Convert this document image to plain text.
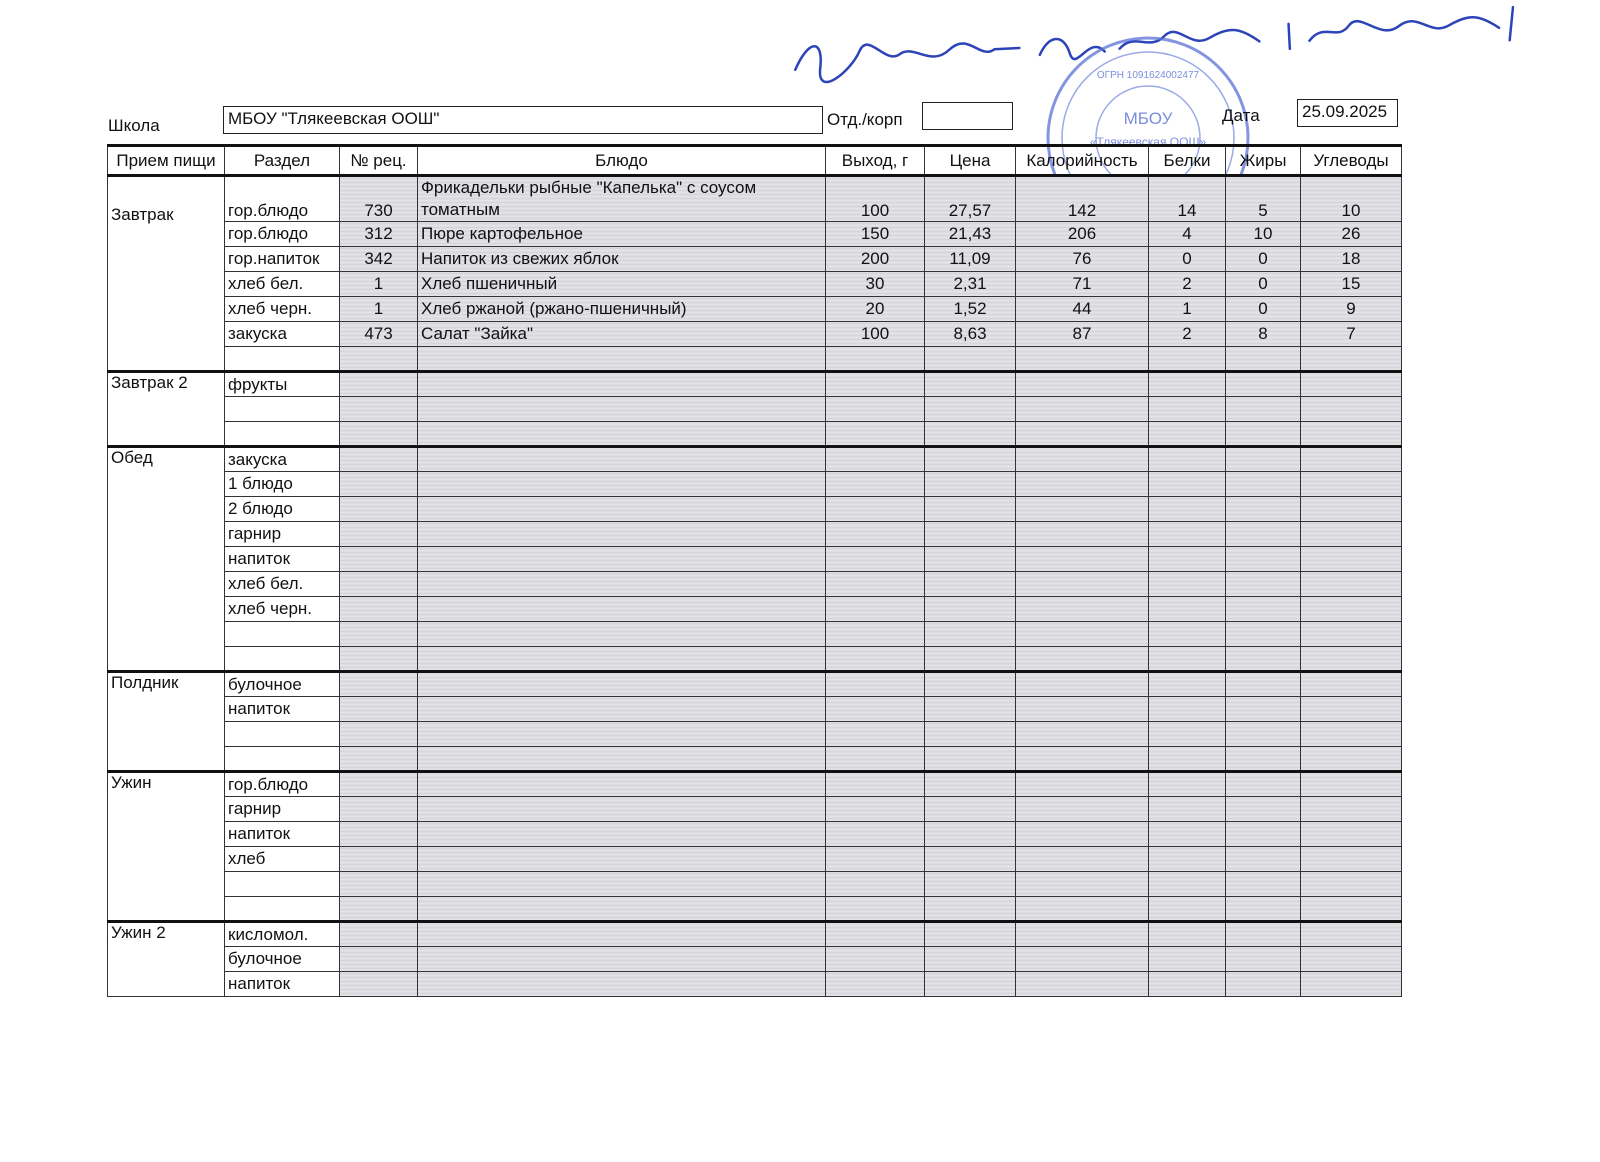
МБОУ
«Тлякеевская ООШ»
ОГРН 1091624002477
Школа	МБОУ "Тлякеевская ООШ"	Отд./корп	Дата 25.09.2025
Прием пищи	Раздел	№ рец.	Блюдо	Выход, г	Цена	Калорийность	Белки	Жиры	Углеводы
Завтрак	гор.блюдо	730	Фрикадельки рыбные "Капелька" с соусом томатным	100	27,57	142	14	5	10
	гор.блюдо	312	Пюре картофельное	150	21,43	206	4	10	26
	гор.напиток	342	Напиток из свежих яблок	200	11,09	76	0	0	18
	хлеб бел.	1	Хлеб пшеничный	30	2,31	71	2	0	15
	хлеб черн.	1	Хлеб ржаной (ржано-пшеничный)	20	1,52	44	1	0	9
	закуска	473	Салат "Зайка"	100	8,63	87	2	8	7

Завтрак 2	фрукты								

Обед	закуска								
	1 блюдо								
	2 блюдо								
	гарнир								
	напиток								
	хлеб бел.								
	хлеб черн.								

Полдник	булочное								
	напиток								

Ужин	гор.блюдо								
	гарнир								
	напиток								
	хлеб								

Ужин 2	кисломол.								
	булочное								
	напиток								
